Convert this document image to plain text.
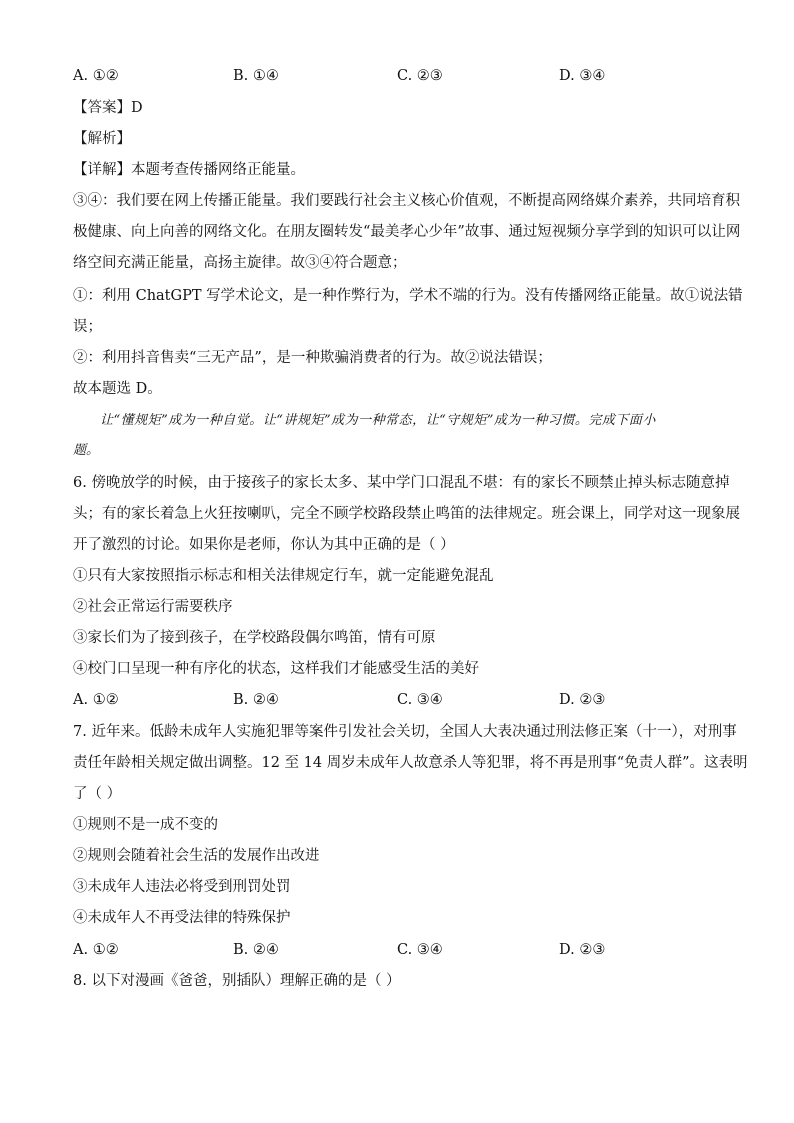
A. ①②	B. ①④	C. ②③	D. ③④
【答案】D
【解析】
【详解】本题考查传播网络正能量。
③④：我们要在网上传播正能量。我们要践行社会主义核心价值观，不断提高网络媒介素养，共同培育积
极健康、向上向善的网络文化。在朋友圈转发“最美孝心少年”故事、通过短视频分享学到的知识可以让网
络空间充满正能量，高扬主旋律。故③④符合题意；
①：利用 ChatGPT 写学术论文，是一种作弊行为，学术不端的行为。没有传播网络正能量。故①说法错
误；
②：利用抖音售卖“三无产品”，是一种欺骗消费者的行为。故②说法错误；
故本题选 D。
让“懂规矩”成为一种自觉。让“讲规矩”成为一种常态，让“守规矩”成为一种习惯。完成下面小
题。
6. 傍晚放学的时候，由于接孩子的家长太多、某中学门口混乱不堪：有的家长不顾禁止掉头标志随意掉
头；有的家长着急上火狂按喇叭，完全不顾学校路段禁止鸣笛的法律规定。班会课上，同学对这一现象展
开了激烈的讨论。如果你是老师，你认为其中正确的是（ ）
①只有大家按照指示标志和相关法律规定行车，就一定能避免混乱
②社会正常运行需要秩序
③家长们为了接到孩子，在学校路段偶尔鸣笛，情有可原
④校门口呈现一种有序化的状态，这样我们才能感受生活的美好
A. ①②	B. ②④	C. ③④	D. ②③
7. 近年来。低龄未成年人实施犯罪等案件引发社会关切，全国人大表决通过刑法修正案（十一），对刑事
责任年龄相关规定做出调整。12 至 14 周岁未成年人故意杀人等犯罪，将不再是刑事“免责人群”。这表明
了（ ）
①规则不是一成不变的
②规则会随着社会生活的发展作出改进
③未成年人违法必将受到刑罚处罚
④未成年人不再受法律的特殊保护
A. ①②	B. ②④	C. ③④	D. ②③
8. 以下对漫画《爸爸，别插队）理解正确的是（ ）
